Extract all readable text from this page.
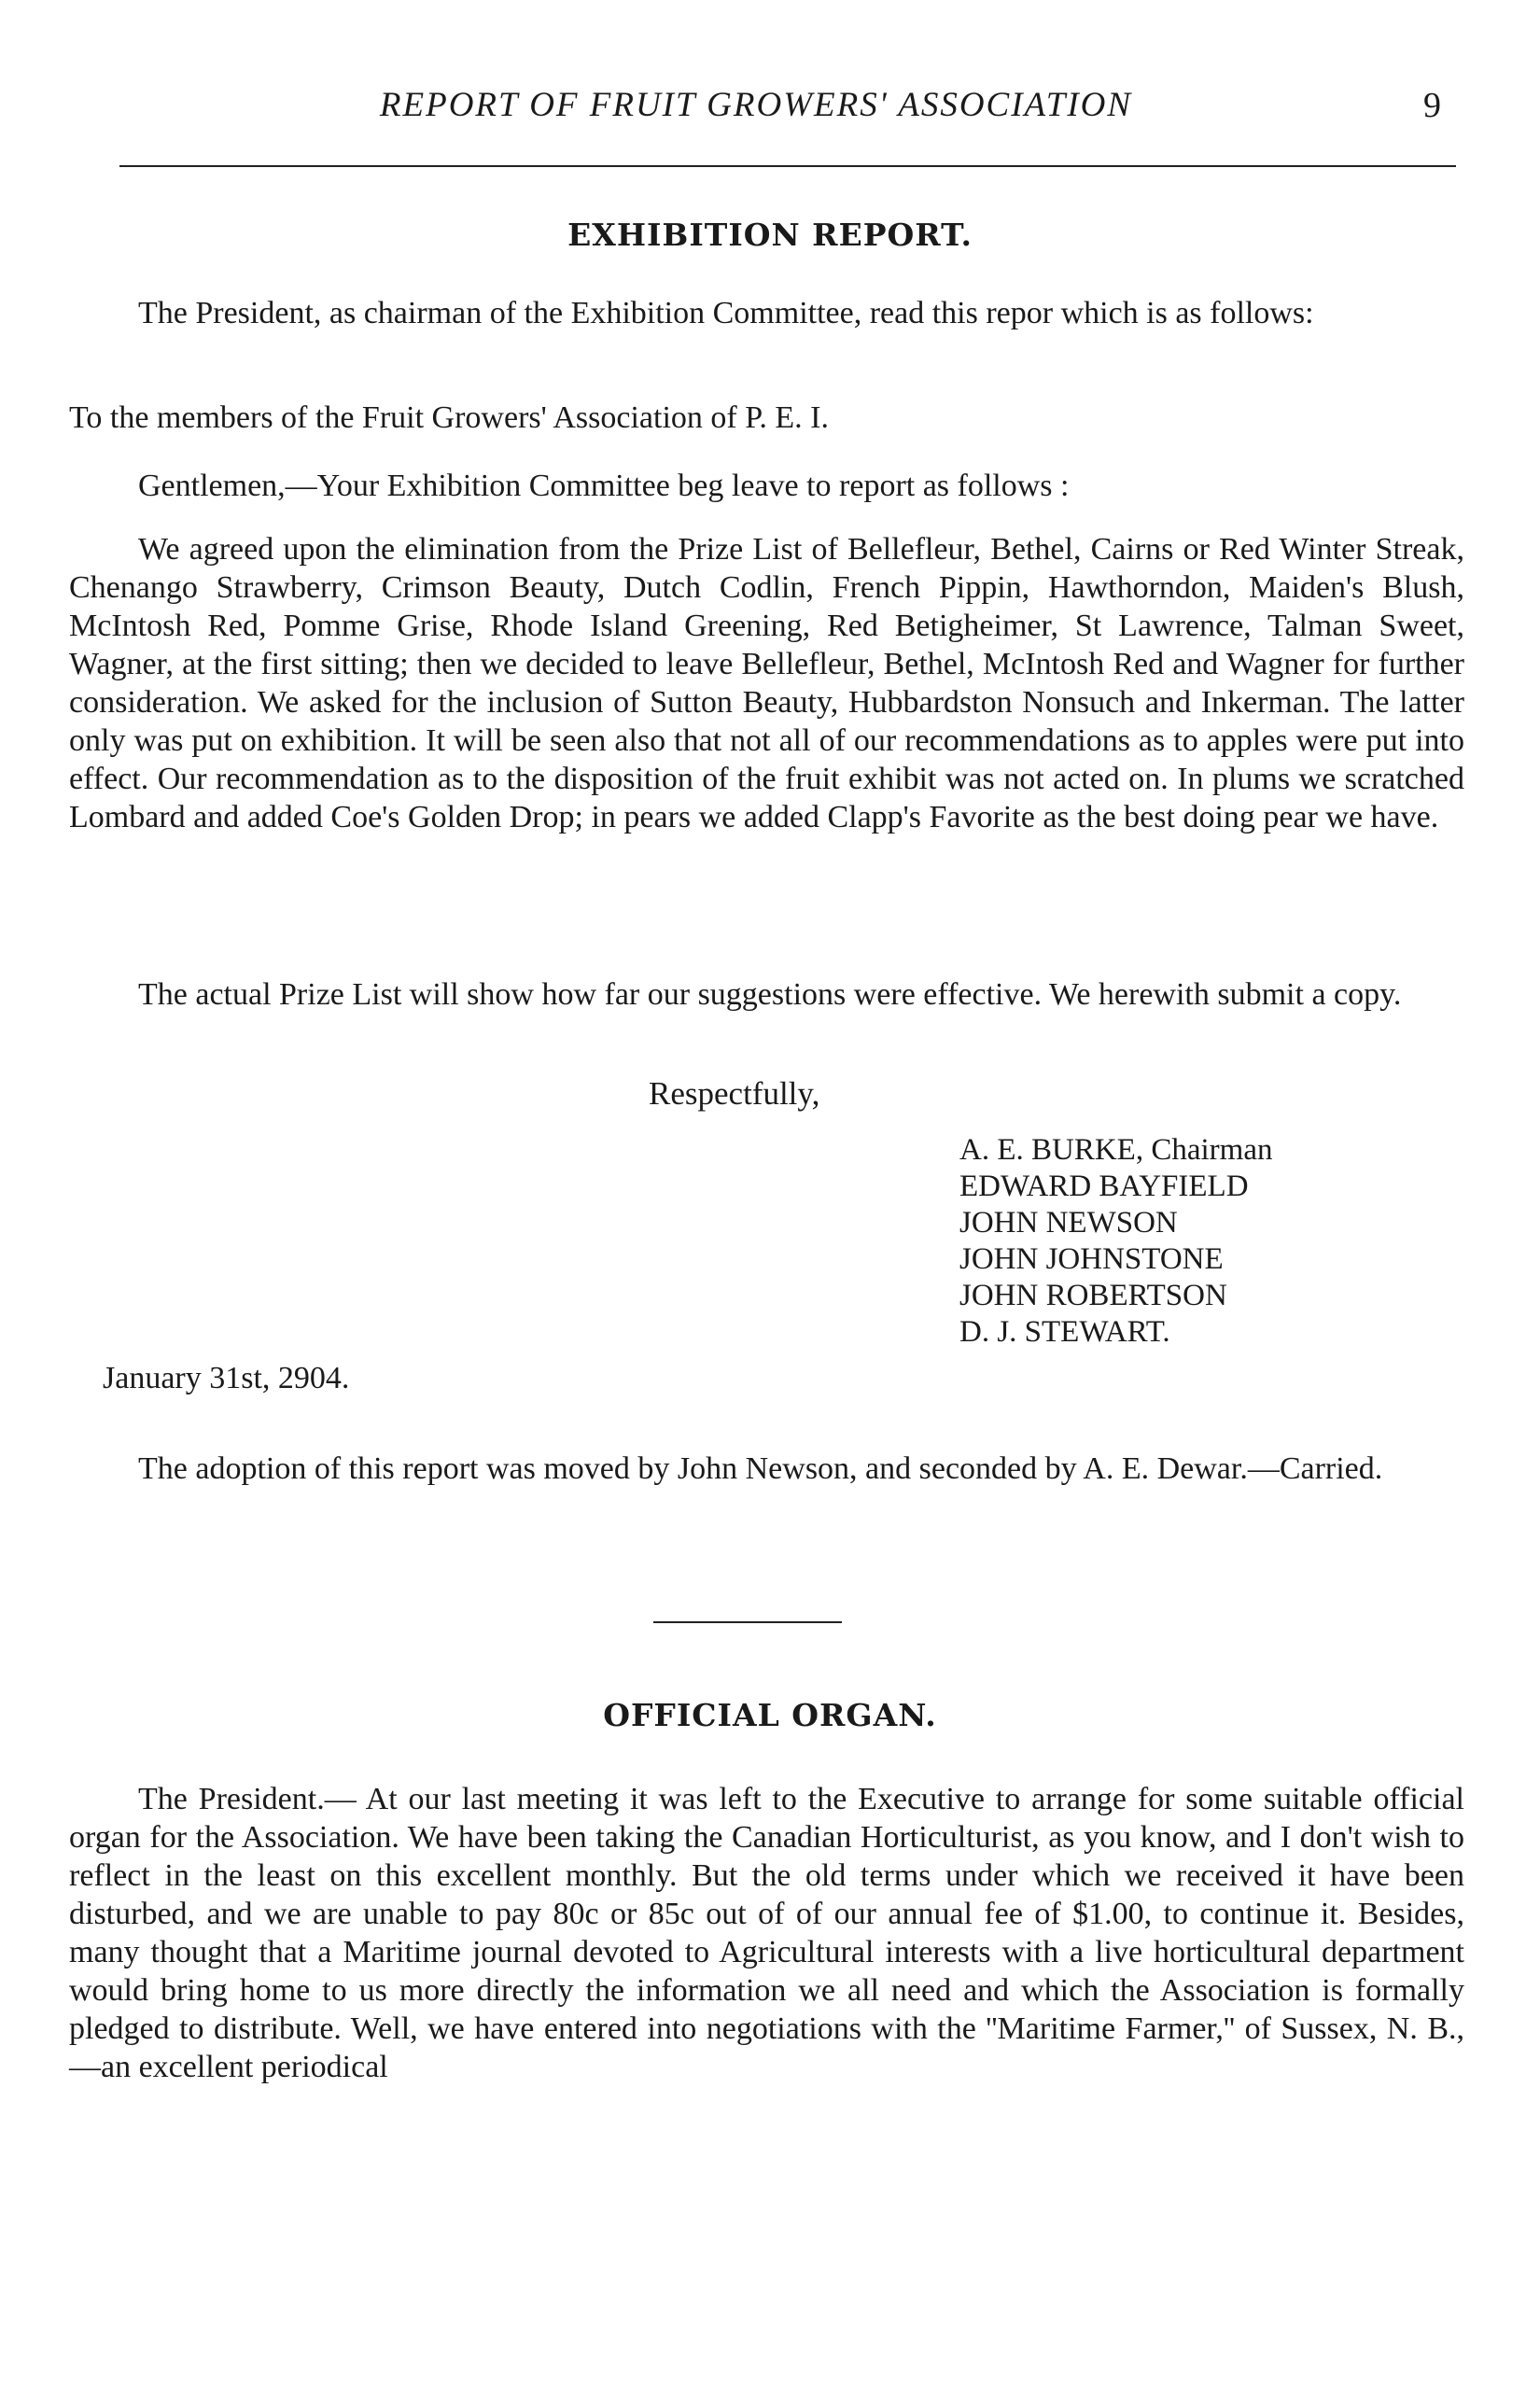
REPORT OF FRUIT GROWERS' ASSOCIATION	9
EXHIBITION REPORT.

The President, as chairman of the Exhibition Committee, read this repor which is as follows:

To the members of the Fruit Growers' Association of P. E. I.

Gentlemen,—Your Exhibition Committee beg leave to report as follows :

We agreed upon the elimination from the Prize List of Bellefleur, Bethel, Cairns or Red Winter Streak, Chenango Strawberry, Crimson Beauty, Dutch Codlin, French Pippin, Hawthorndon, Maiden's Blush, McIntosh Red, Pomme Grise, Rhode Island Greening, Red Betigheimer, St Lawrence, Talman Sweet, Wagner, at the first sitting; then we decided to leave Bellefleur, Bethel, McIntosh Red and Wagner for further consideration. We asked for the inclusion of Sutton Beauty, Hubbardston Nonsuch and Inkerman. The latter only was put on exhibition. It will be seen also that not all of our recommendations as to apples were put into effect. Our recommendation as to the disposition of the fruit exhibit was not acted on. In plums we scratched Lombard and added Coe's Golden Drop; in pears we added Clapp's Favorite as the best doing pear we have.

The actual Prize List will show how far our suggestions were effective. We herewith submit a copy.

Respectfully,
A. E. BURKE, Chairman
EDWARD BAYFIELD
JOHN NEWSON
JOHN JOHNSTONE
JOHN ROBERTSON
D. J. STEWART.
January 31st, 2904.

The adoption of this report was moved by John Newson, and seconded by A. E. Dewar.—Carried.

OFFICIAL ORGAN.

The President.— At our last meeting it was left to the Executive to arrange for some suitable official organ for the Association. We have been taking the Canadian Horticulturist, as you know, and I don't wish to reflect in the least on this excellent monthly. But the old terms under which we received it have been disturbed, and we are unable to pay 80c or 85c out of of our annual fee of $1.00, to continue it. Besides, many thought that a Maritime journal devoted to Agricultural interests with a live horticultural department would bring home to us more directly the information we all need and which the Association is formally pledged to distribute. Well, we have entered into negotiations with the ''Maritime Farmer,'' of Sussex, N. B.,—an excellent periodical
